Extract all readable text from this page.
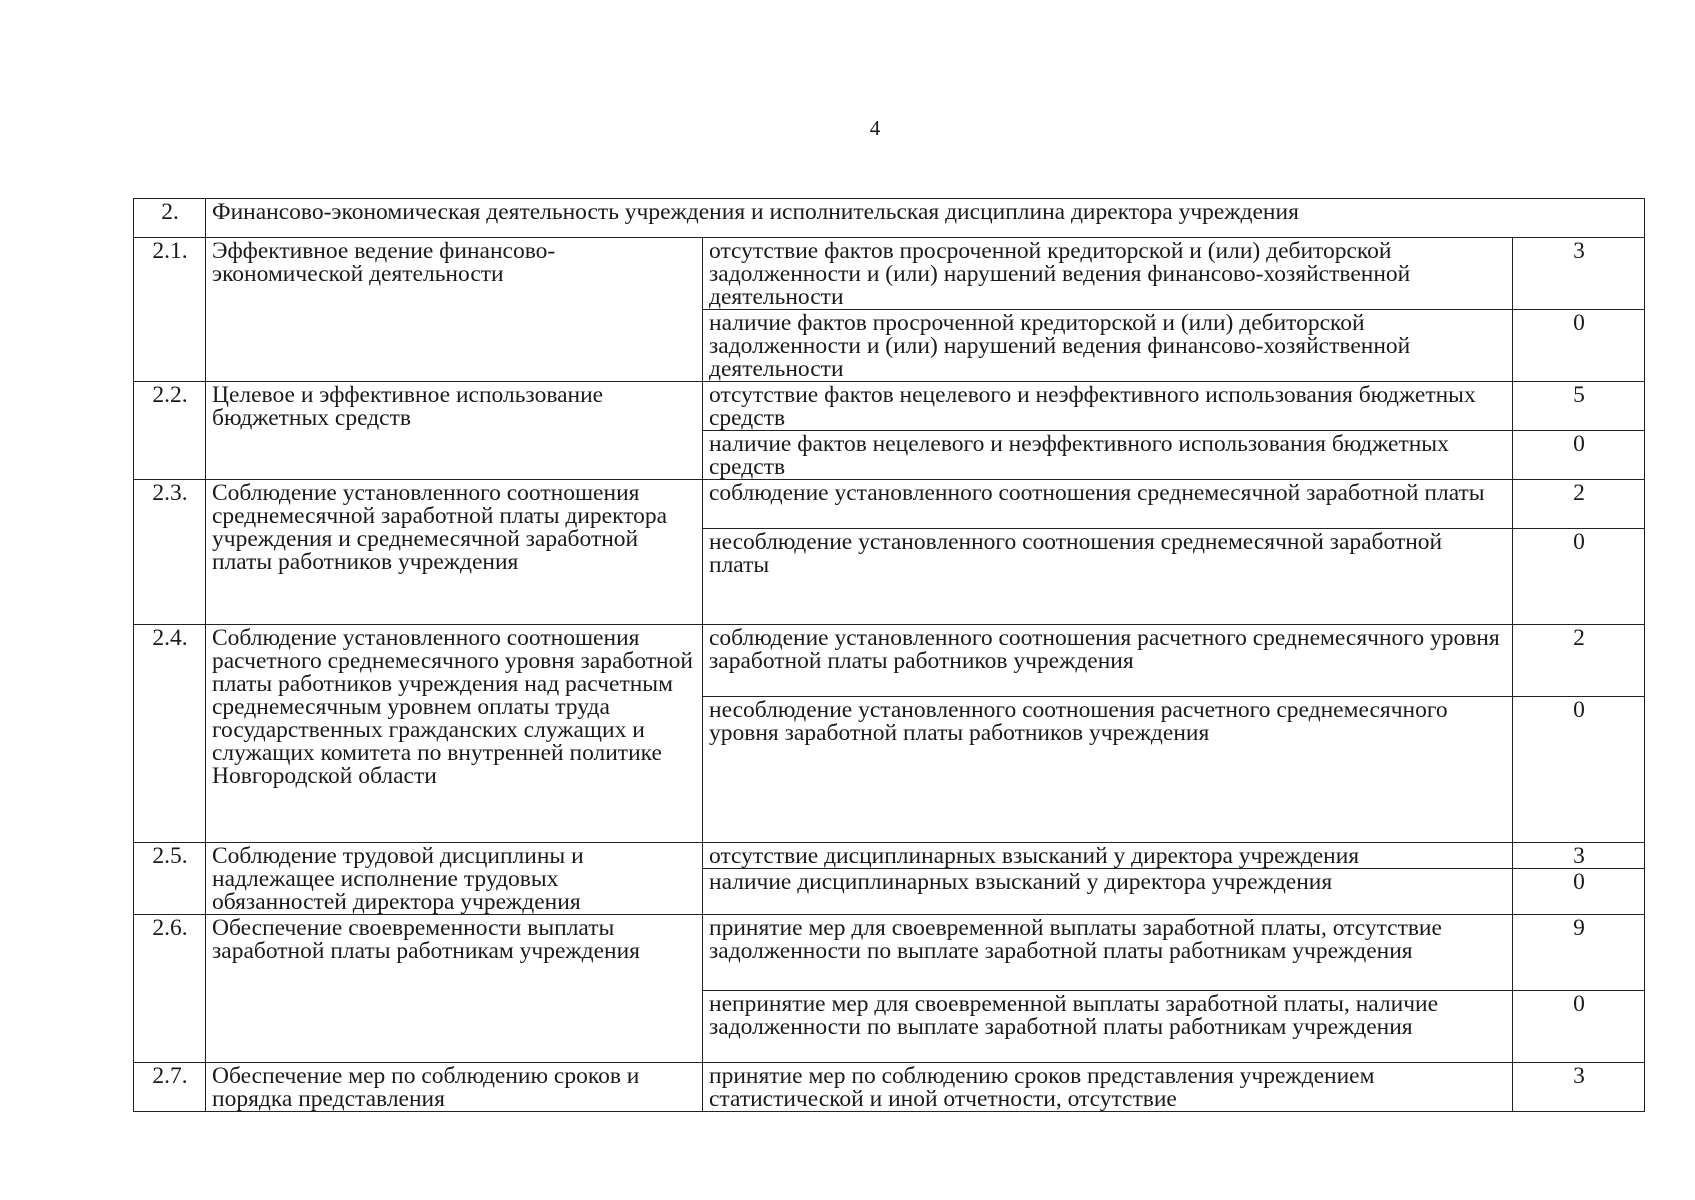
4
2.	Финансово-экономическая деятельность учреждения и исполнительская дисциплина директора учреждения		
2.1.	Эффективное ведение финансово-экономической деятельности	отсутствие фактов просроченной кредиторской и (или) дебиторской задолженности и (или) нарушений ведения финансово-хозяйственной деятельности	3
		наличие фактов просроченной кредиторской и (или) дебиторской задолженности и (или) нарушений ведения финансово-хозяйственной деятельности	0
2.2.	Целевое и эффективное использование бюджетных средств	отсутствие фактов нецелевого и неэффективного использования бюджетных средств	5
		наличие фактов нецелевого и неэффективного использования бюджетных средств	0
2.3.	Соблюдение установленного соотношения среднемесячной заработной платы директора учреждения и среднемесячной заработной платы работников учреждения	соблюдение установленного соотношения среднемесячной заработной платы	2
		несоблюдение установленного соотношения среднемесячной заработной платы	0
2.4.	Соблюдение установленного соотношения расчетного среднемесячного уровня заработной платы работников учреждения над расчетным среднемесячным уровнем оплаты труда государственных гражданских служащих и служащих комитета по внутренней политике Новгородской области	соблюдение установленного соотношения расчетного среднемесячного уровня заработной платы работников учреждения	2
		несоблюдение установленного соотношения расчетного среднемесячного уровня заработной платы работников учреждения	0
2.5.	Соблюдение трудовой дисциплины и надлежащее исполнение трудовых обязанностей директора учреждения	отсутствие дисциплинарных взысканий у директора учреждения	3
		наличие дисциплинарных взысканий у директора учреждения	0
2.6.	Обеспечение своевременности выплаты заработной платы работникам учреждения	принятие мер для своевременной выплаты заработной платы, отсутствие задолженности по выплате заработной платы работникам учреждения	9
		непринятие мер для своевременной выплаты заработной платы, наличие задолженности по выплате заработной платы работникам учреждения	0
2.7.	Обеспечение мер по соблюдению сроков и порядка представления	принятие мер по соблюдению сроков представления учреждением статистической и иной отчетности, отсутствие	3
